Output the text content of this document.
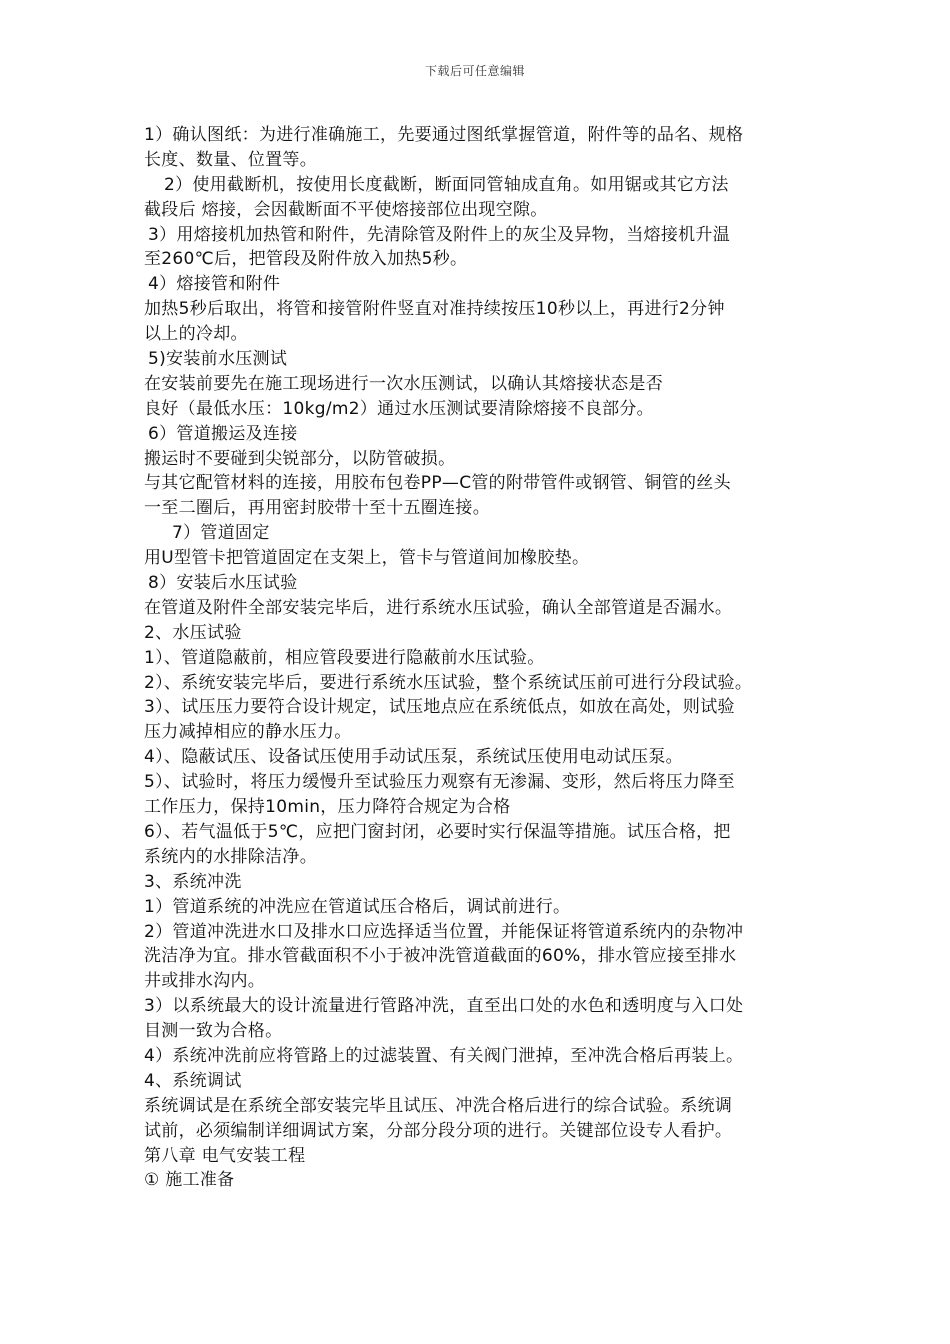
下载后可任意编辑
1）确认图纸：为进行准确施工，先要通过图纸掌握管道，附件等的品名、规格
长度、数量、位置等。
2）使用截断机，按使用长度截断，断面同管轴成直角。如用锯或其它方法
截段后 熔接，会因截断面不平使熔接部位出现空隙。
3）用熔接机加热管和附件，先清除管及附件上的灰尘及异物，当熔接机升温
至260℃后，把管段及附件放入加热5秒。
4）熔接管和附件
加热5秒后取出，将管和接管附件竖直对准持续按压10秒以上，再进行2分钟
以上的冷却。
5)安装前水压测试
在安装前要先在施工现场进行一次水压测试，以确认其熔接状态是否
良好（最低水压：10kg/m2）通过水压测试要清除熔接不良部分。
6）管道搬运及连接
搬运时不要碰到尖锐部分，以防管破损。
与其它配管材料的连接，用胶布包卷PP—C管的附带管件或钢管、铜管的丝头
一至二圈后，再用密封胶带十至十五圈连接。
7）管道固定
用U型管卡把管道固定在支架上，管卡与管道间加橡胶垫。
8）安装后水压试验
在管道及附件全部安装完毕后，进行系统水压试验，确认全部管道是否漏水。
2、水压试验
1）、管道隐蔽前，相应管段要进行隐蔽前水压试验。
2）、系统安装完毕后，要进行系统水压试验，整个系统试压前可进行分段试验。
3）、试压压力要符合设计规定，试压地点应在系统低点，如放在高处，则试验
压力减掉相应的静水压力。
4）、隐蔽试压、设备试压使用手动试压泵，系统试压使用电动试压泵。
5）、试验时，将压力缓慢升至试验压力观察有无渗漏、变形，然后将压力降至
工作压力，保持10min，压力降符合规定为合格
6）、若气温低于5℃，应把门窗封闭，必要时实行保温等措施。试压合格，把
系统内的水排除洁净。
3、系统冲洗
1）管道系统的冲洗应在管道试压合格后，调试前进行。
2）管道冲洗进水口及排水口应选择适当位置，并能保证将管道系统内的杂物冲
洗洁净为宜。排水管截面积不小于被冲洗管道截面的60%，排水管应接至排水
井或排水沟内。
3）以系统最大的设计流量进行管路冲洗，直至出口处的水色和透明度与入口处
目测一致为合格。
4）系统冲洗前应将管路上的过滤装置、有关阀门泄掉，至冲洗合格后再装上。
4、系统调试
系统调试是在系统全部安装完毕且试压、冲洗合格后进行的综合试验。系统调
试前，必须编制详细调试方案，分部分段分项的进行。关键部位设专人看护。
第八章 电气安装工程
① 施工准备
